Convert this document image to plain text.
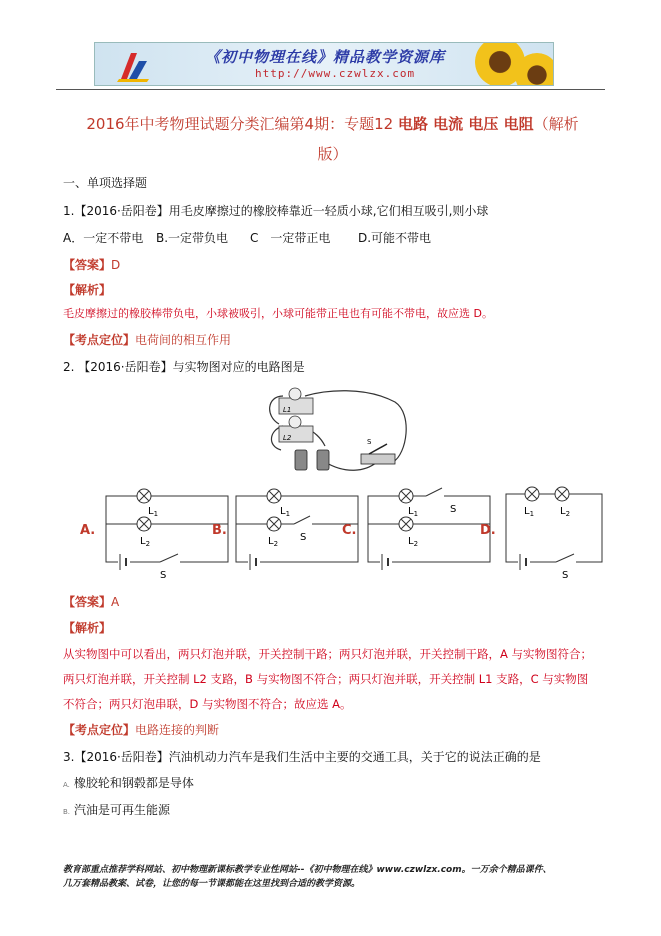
《初中物理在线》精品教学资源库
http://www.czwlzx.com
2016年中考物理试题分类汇编第4期：专题12 电路 电流 电压 电阻（解析
版）
一、单项选择题
1.【2016·岳阳卷】用毛皮摩擦过的橡胶棒靠近一轻质小球,它们相互吸引,则小球
A．一定不带电 B.一定带负电 C　一定带正电 D.可能不带电
【答案】D
【解析】
毛皮摩擦过的橡胶棒带负电，小球被吸引，小球可能带正电也有可能不带电，故应选 D。
【考点定位】电荷间的相互作用
2. 【2016·岳阳卷】与实物图对应的电路图是
L1
L2	S
A.
$L_1$
$L_2$
S
B.
$L_1$
$L_2$
S	C.
$L_1$	S
$L_2$
D.
$L_1$	$L_2$
S
【答案】A
【解析】
从实物图中可以看出，两只灯泡并联，开关控制干路；两只灯泡并联，开关控制干路，A 与实物图符合；
两只灯泡并联，开关控制 L2 支路，B 与实物图不符合；两只灯泡并联，开关控制 L1 支路，C 与实物图
不符合；两只灯泡串联，D 与实物图不符合；故应选 A。
【考点定位】电路连接的判断
3.【2016·岳阳卷】汽油机动力汽车是我们生活中主要的交通工具，关于它的说法正确的是
A. 橡胶轮和钢毂都是导体
B. 汽油是可再生能源
教育部重点推荐学科网站、初中物理新课标教学专业性网站--《初中物理在线》www.czwlzx.com。一万余个精品课件、
几万套精品教案、试卷，让您的每一节课都能在这里找到合适的教学资源。
